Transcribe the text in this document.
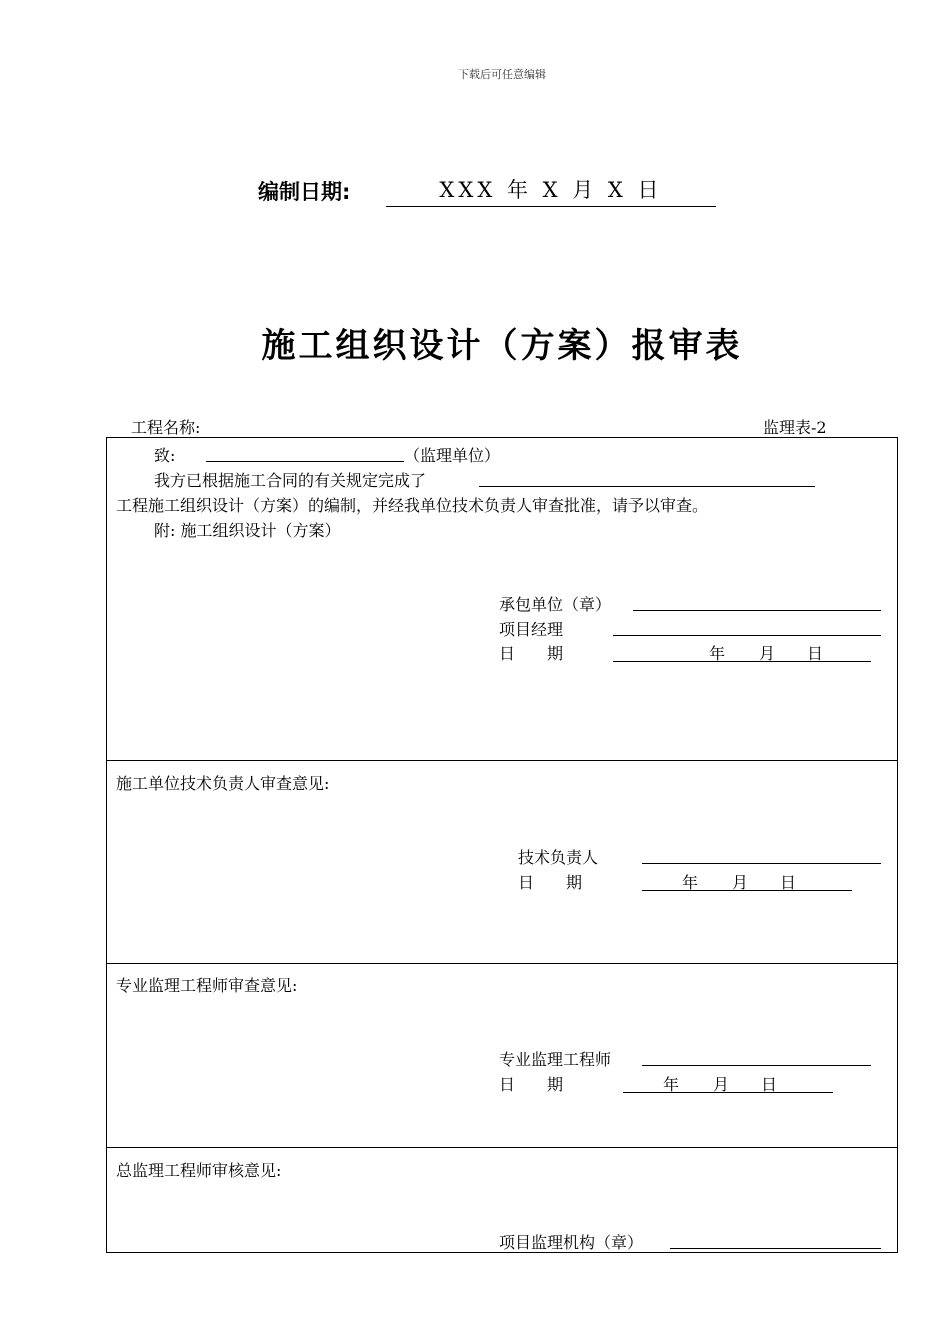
下载后可任意编辑
编制日期:	XXX 年 X 月 X 日
施工组织设计（方案）报审表
工程名称:	监理表-2
致:	（监理单位）
我方已根据施工合同的有关规定完成了
工程施工组织设计（方案）的编制，并经我单位技术负责人审查批准，请予以审查。
附: 施工组织设计（方案）
承包单位（章）
项目经理
日　　期	年 月 日
施工单位技术负责人审查意见:
技术负责人
日　　期	年 月 日
专业监理工程师审查意见:
专业监理工程师
日　　期	年 月 日
总监理工程师审核意见:
项目监理机构（章）
